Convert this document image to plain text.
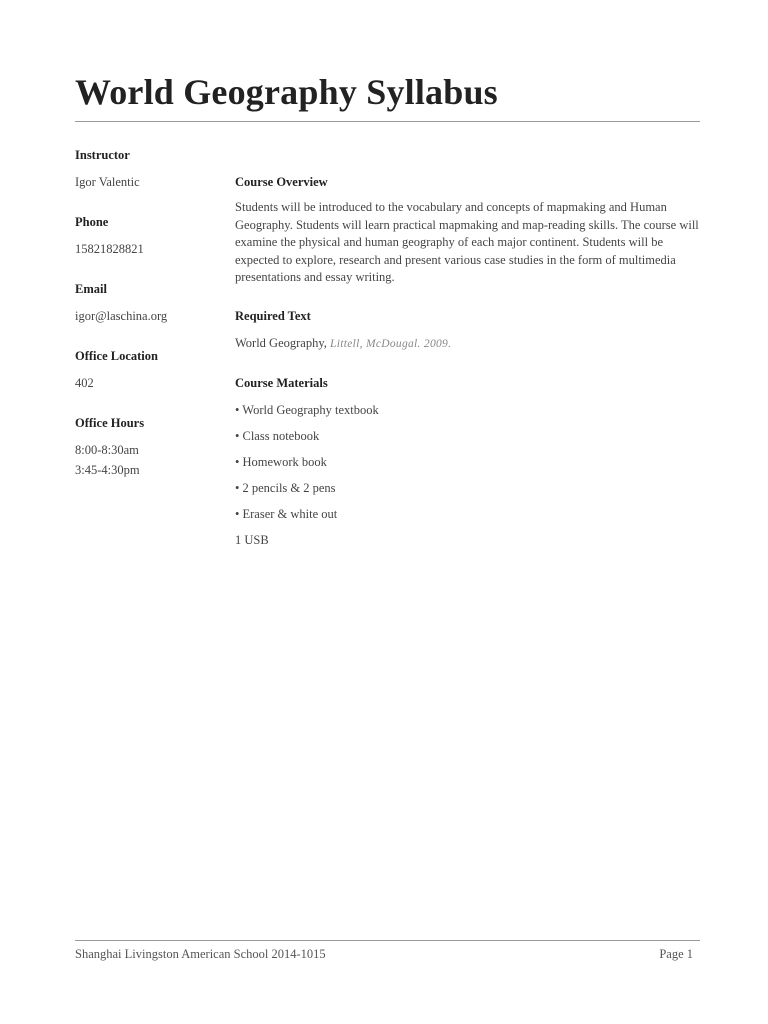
World Geography Syllabus
Instructor
Igor Valentic
Phone
15821828821
Email
igor@laschina.org
Office Location
402
Office Hours
8:00-8:30am
3:45-4:30pm
Course Overview
Students will be introduced to the vocabulary and concepts of mapmaking and Human Geography. Students will learn practical mapmaking and map-reading skills. The course will examine the physical and human geography of each major continent. Students will be expected to explore, research and present various case studies in the form of multimedia presentations and essay writing.
Required Text
World Geography, Littell, McDougal. 2009.
Course Materials
• World Geography textbook
• Class notebook
• Homework book
• 2 pencils & 2 pens
• Eraser & white out
1 USB
Shanghai Livingston American School 2014-1015	Page 1
